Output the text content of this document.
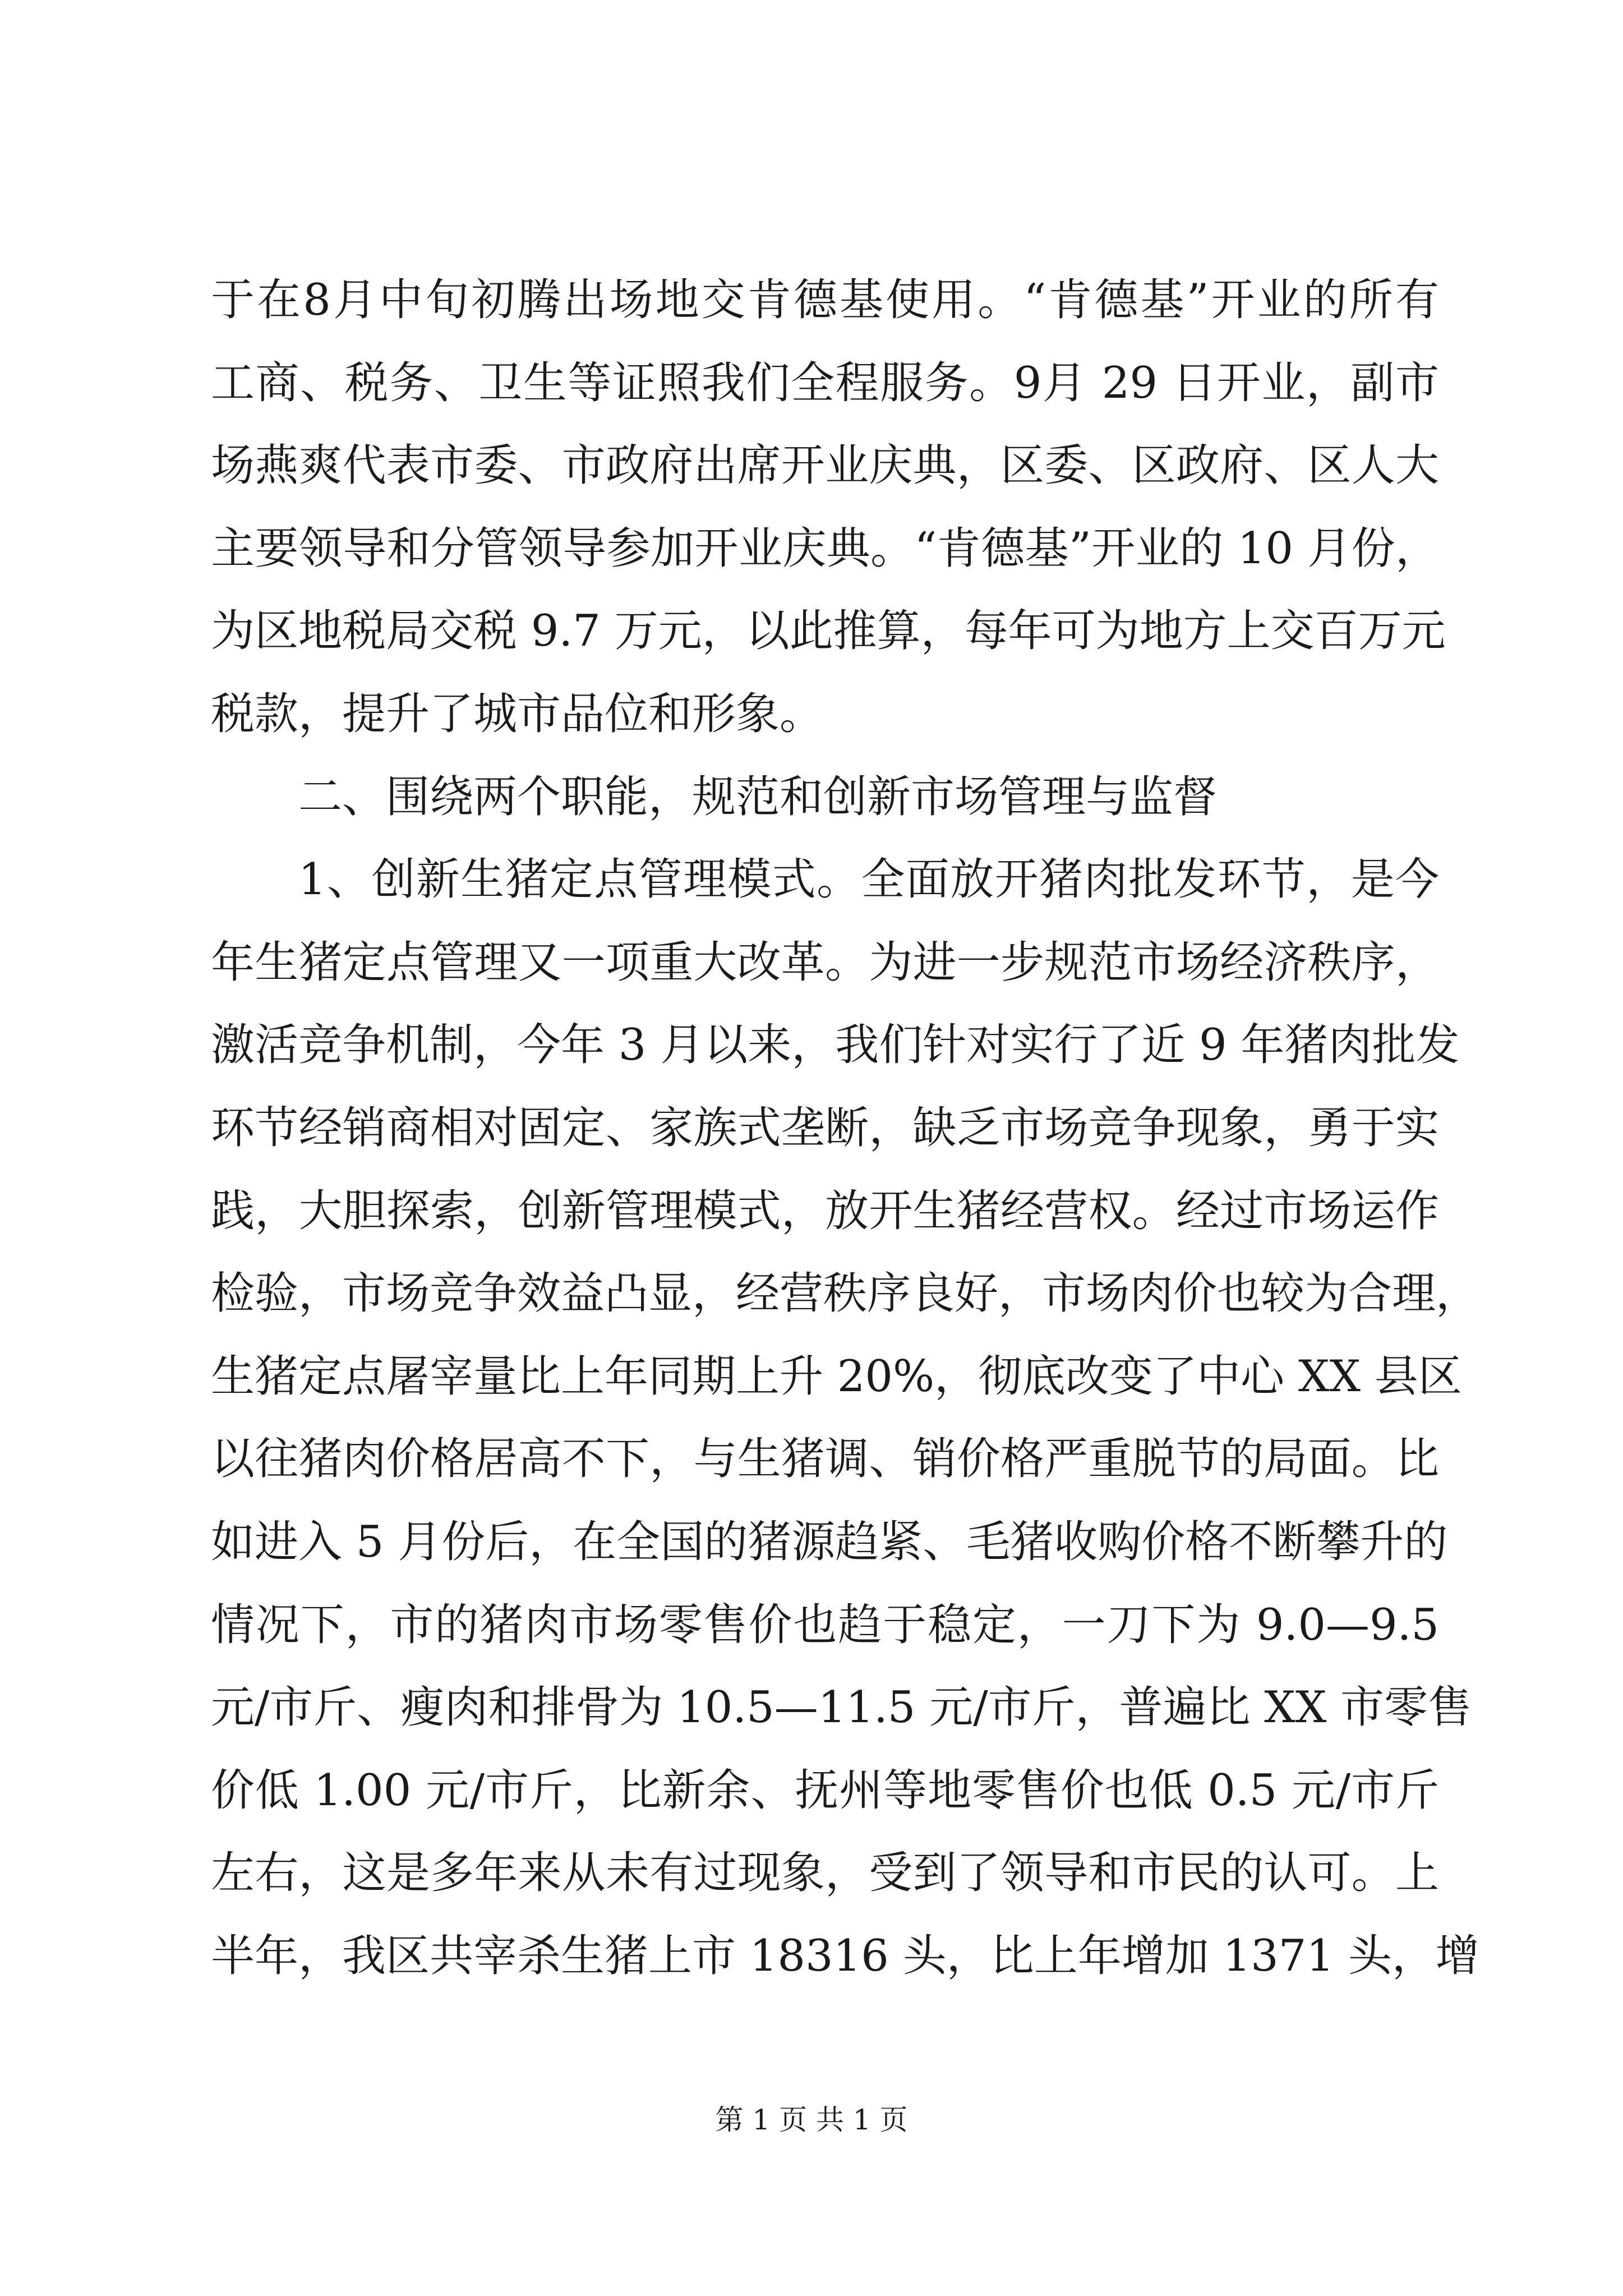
于在8月中旬初腾出场地交肯德基使用。“肯德基”开业的所有
工商、税务、卫生等证照我们全程服务。9月 29 日开业，副市
场燕爽代表市委、市政府出席开业庆典，区委、区政府、区人大
主要领导和分管领导参加开业庆典。“肯德基”开业的 10 月份，
为区地税局交税 9.7 万元，以此推算，每年可为地方上交百万元
税款，提升了城市品位和形象。
二、围绕两个职能，规范和创新市场管理与监督
1、创新生猪定点管理模式。全面放开猪肉批发环节，是今
年生猪定点管理又一项重大改革。为进一步规范市场经济秩序，
激活竞争机制，今年 3 月以来，我们针对实行了近 9 年猪肉批发
环节经销商相对固定、家族式垄断，缺乏市场竞争现象，勇于实
践，大胆探索，创新管理模式，放开生猪经营权。经过市场运作
检验，市场竞争效益凸显，经营秩序良好，市场肉价也较为合理，
生猪定点屠宰量比上年同期上升 20%，彻底改变了中心 XX 县区
以往猪肉价格居高不下，与生猪调、销价格严重脱节的局面。比
如进入 5 月份后，在全国的猪源趋紧、毛猪收购价格不断攀升的
情况下，市的猪肉市场零售价也趋于稳定，一刀下为 9.0—9.5
元/市斤、瘦肉和排骨为 10.5—11.5 元/市斤，普遍比 XX 市零售
价低 1.00 元/市斤，比新余、抚州等地零售价也低 0.5 元/市斤
左右，这是多年来从未有过现象，受到了领导和市民的认可。上
半年，我区共宰杀生猪上市 18316 头，比上年增加 1371 头，增
第 1 页 共 1 页
